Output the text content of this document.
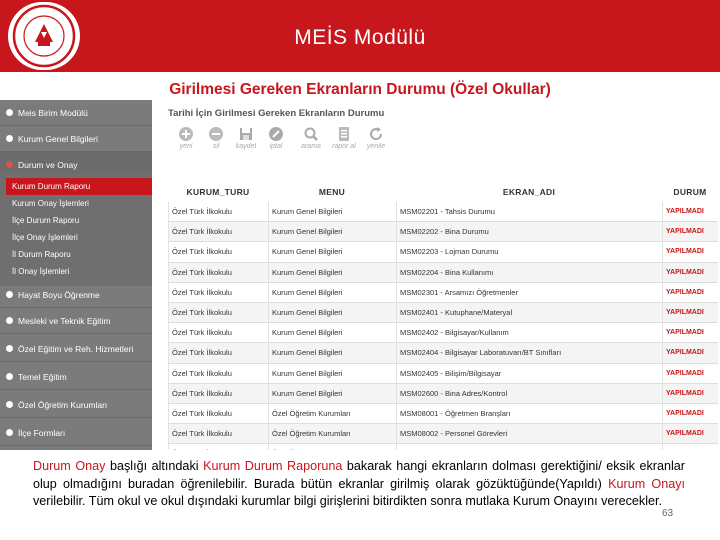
MEİS Modülü
Girilmesi Gereken Ekranların Durumu (Özel Okullar)
Meis Birim Modülü
Kurum Genel Bilgileri
Durum ve Onay
Kurum Durum Raporu
Kurum Onay İşlemleri
İlçe Durum Raporu
İlçe Onay İşlemleri
İl Durum Raporu
İl Onay İşlemleri
Hayat Boyu Öğrenme
Mesleki ve Teknik Eğitim
Özel Eğitim ve Reh. Hizmetleri
Temel Eğitim
Özel Öğretim Kurumları
İlçe Formları
Tarihi İçin Girilmesi Gereken Ekranların Durumu
yeni	sil	kaydet	iptal	arama	rapor al	yenile
KURUM_TURU	MENU	EKRAN_ADI	DURUM
Özel Türk İlkokulu	Kurum Genel Bilgileri	MSM02201 - Tahsis Durumu	YAPILMADI
Özel Türk İlkokulu	Kurum Genel Bilgileri	MSM02202 - Bina Durumu	YAPILMADI
Özel Türk İlkokulu	Kurum Genel Bilgileri	MSM02203 - Lojman Durumu	YAPILMADI
Özel Türk İlkokulu	Kurum Genel Bilgileri	MSM02204 - Bina Kullanımı	YAPILMADI
Özel Türk İlkokulu	Kurum Genel Bilgileri	MSM02301 - Arsamızı Öğretmenler	YAPILMADI
Özel Türk İlkokulu	Kurum Genel Bilgileri	MSM02401 - Kutuphane/Materyal	YAPILMADI
Özel Türk İlkokulu	Kurum Genel Bilgileri	MSM02402 - Bilgisayar/Kullanım	YAPILMADI
Özel Türk İlkokulu	Kurum Genel Bilgileri	MSM02404 - Bilgisayar Laboratuvarı/BT Sınıfları	YAPILMADI
Özel Türk İlkokulu	Kurum Genel Bilgileri	MSM02405 - Bilişim/Bilgisayar	YAPILMADI
Özel Türk İlkokulu	Kurum Genel Bilgileri	MSM02600 - Bina Adres/Kontrol	YAPILMADI
Özel Türk İlkokulu	Özel Öğretim Kurumları	MSM08001 - Öğretmen Branşları	YAPILMADI
Özel Türk İlkokulu	Özel Öğretim Kurumları	MSM08002 - Personel Görevleri	YAPILMADI
Durum Onay başlığı altındaki Kurum Durum Raporuna bakarak hangi ekranların dolması gerektiğini/ eksik ekranlar olup olmadığını buradan öğrenilebilir. Burada bütün ekranlar girilmiş olarak gözüktüğünde(Yapıldı) Kurum Onayı verilebilir. Tüm okul ve okul dışındaki kurumlar bilgi girişlerini bitirdikten sonra mutlaka Kurum Onayını verecekler.
63
